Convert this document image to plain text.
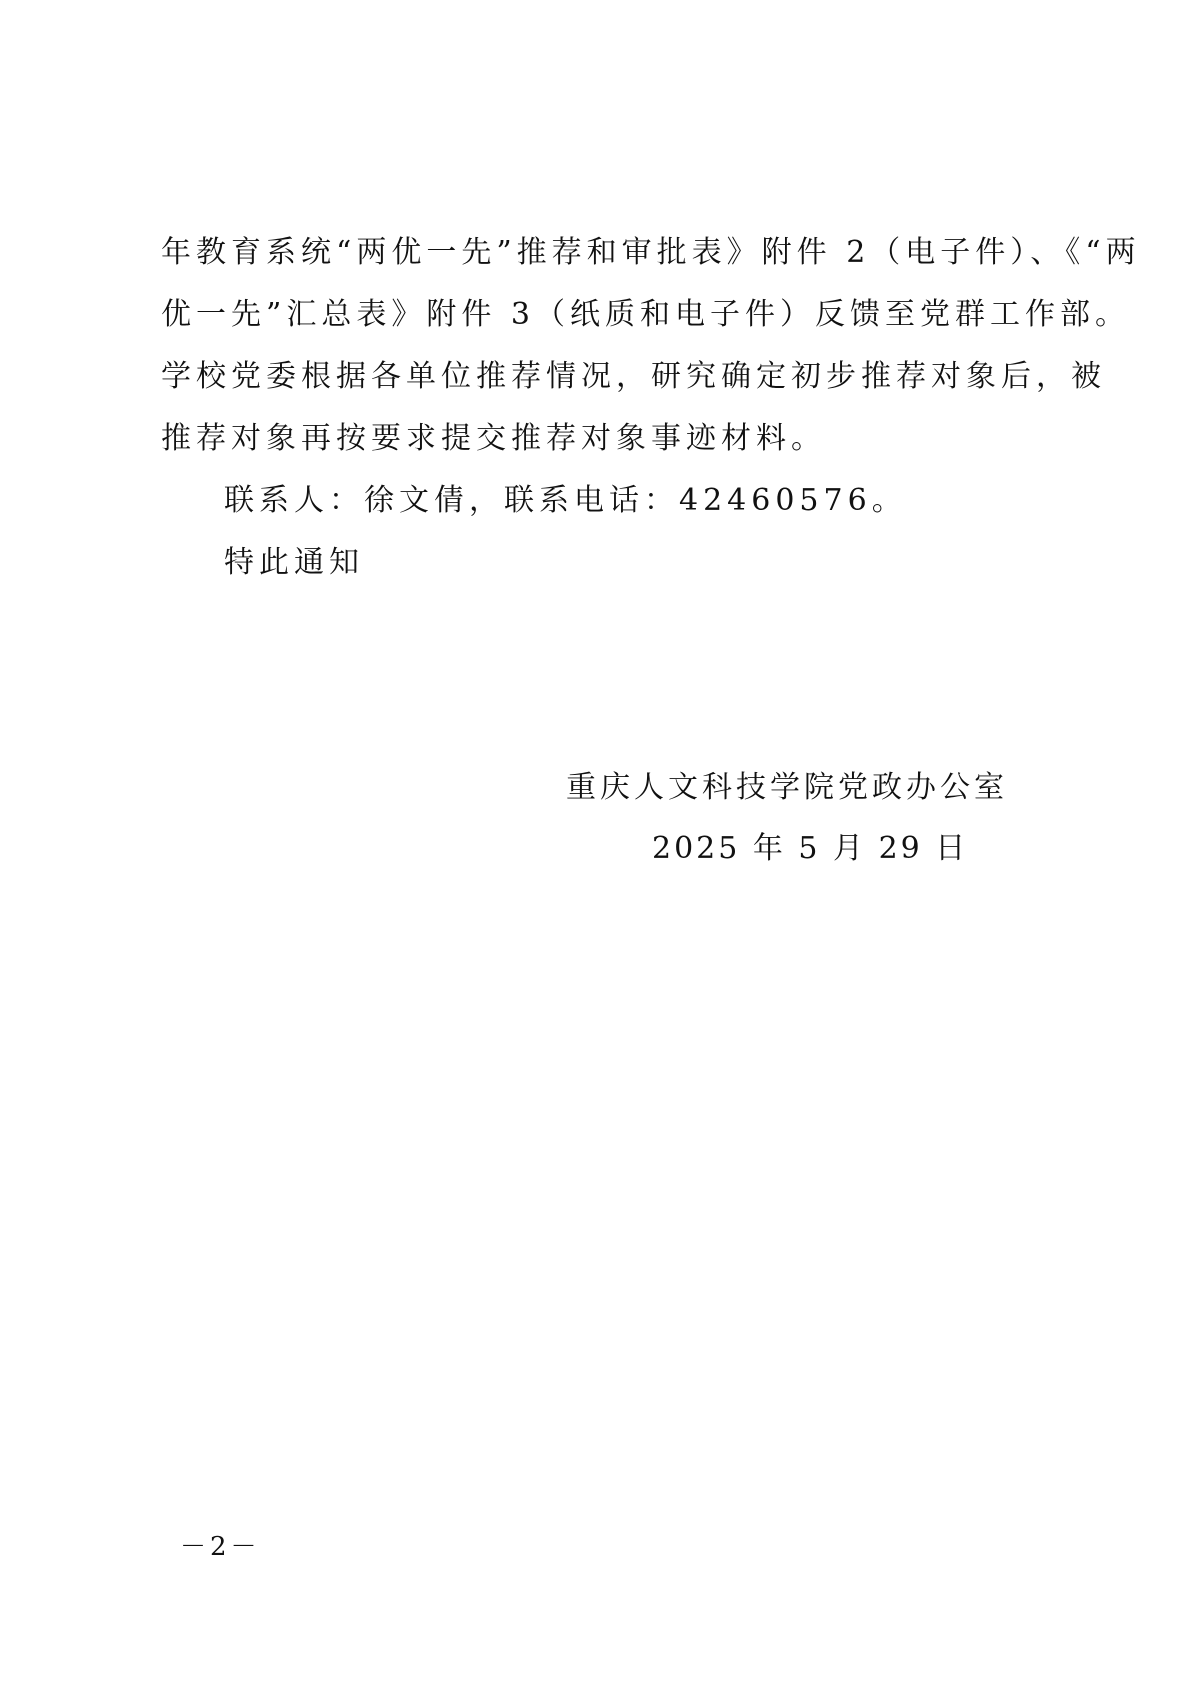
年教育系统“两优一先”推荐和审批表》附件 2（电子件）、《“两
优一先”汇总表》附件 3（纸质和电子件）反馈至党群工作部。
学校党委根据各单位推荐情况，研究确定初步推荐对象后，被
推荐对象再按要求提交推荐对象事迹材料。
联系人：徐文倩，联系电话：42460576。
特此通知
重庆人文科技学院党政办公室
2025 年 5 月 29 日
－2－
